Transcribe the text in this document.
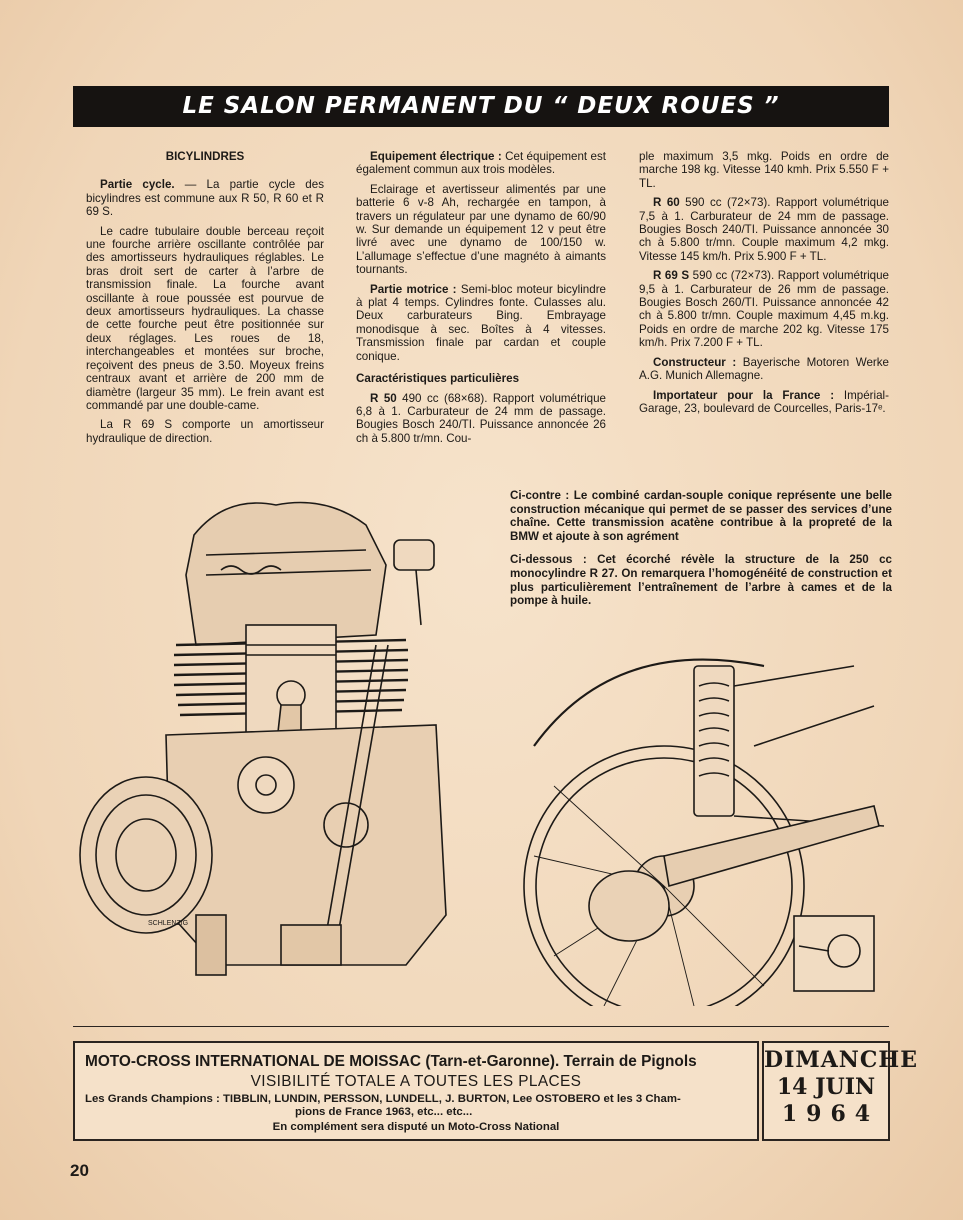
LE SALON PERMANENT DU “ DEUX ROUES ”
BICYLINDRES

Partie cycle. — La partie cycle des bicylindres est commune aux R 50, R 60 et R 69 S.

Le cadre tubulaire double berceau reçoit une fourche arrière oscillante contrôlée par des amortisseurs hydrauliques réglables. Le bras droit sert de carter à l’arbre de transmission finale. La fourche avant oscillante à roue poussée est pourvue de deux amortisseurs hydrauliques. La chasse de cette fourche peut être positionnée sur deux réglages. Les roues de 18, interchangeables et montées sur broche, reçoivent des pneus de 3.50. Moyeux freins centraux avant et arrière de 200 mm de diamètre (largeur 35 mm). Le frein avant est commandé par une double-came.

La R 69 S comporte un amortisseur hydraulique de direction.

Equipement électrique : Cet équipement est également commun aux trois modèles.

Eclairage et avertisseur alimentés par une batterie 6 v-8 Ah, rechargée en tampon, à travers un régulateur par une dynamo de 60/90 w. Sur demande un équipement 12 v peut être livré avec une dynamo de 100/150 w. L’allumage s’effectue d’une magnéto à aimants tournants.

Partie motrice : Semi-bloc moteur bicylindre à plat 4 temps. Cylindres fonte. Culasses alu. Deux carburateurs Bing. Embrayage monodisque à sec. Boîtes à 4 vitesses. Transmission finale par cardan et couple conique.

Caractéristiques particulières

R 50 490 cc (68×68). Rapport volumétrique 6,8 à 1. Carburateur de 24 mm de passage. Bougies Bosch 240/TI. Puissance annoncée 26 ch à 5.800 tr/mn. Cou-

ple maximum 3,5 mkg. Poids en ordre de marche 198 kg. Vitesse 140 kmh. Prix 5.550 F + TL.

R 60 590 cc (72×73). Rapport volumétrique 7,5 à 1. Carburateur de 24 mm de passage. Bougies Bosch 240/TI. Puissance annoncée 30 ch à 5.800 tr/mn. Couple maximum 4,2 mkg. Vitesse 145 km/h. Prix 5.900 F + TL.

R 69 S 590 cc (72×73). Rapport volumétrique 9,5 à 1. Carburateur de 26 mm de passage. Bougies Bosch 260/TI. Puissance annoncée 42 ch à 5.800 tr/mn. Couple maximum 4,45 m.kg. Poids en ordre de marche 202 kg. Vitesse 175 km/h. Prix 7.200 F + TL.

Constructeur : Bayerische Motoren Werke A.G. Munich Allemagne.

Importateur pour la France : Impérial-Garage, 23, boulevard de Courcelles, Paris-17ᵉ.

Ci-contre : Le combiné cardan-souple conique représente une belle construction mécanique qui permet de se passer des services d’une chaîne. Cette transmission acatène contribue à la propreté de la BMW et ajoute à son agrément

Ci-dessous : Cet écorché révèle la structure de la 250 cc monocylindre R 27. On remarquera l’homogénéité de construction et plus particulièrement l’entraînement de l’arbre à cames et de la pompe à huile.

SCHLENZIG
MOTO-CROSS INTERNATIONAL DE MOISSAC (Tarn-et-Garonne). Terrain de Pignols
VISIBILITÉ TOTALE A TOUTES LES PLACES
Les Grands Champions : TIBBLIN, LUNDIN, PERSSON, LUNDELL, J. BURTON, Lee OSTOBERO et les 3 Cham-
pions de France 1963, etc... etc...
En complément sera disputé un Moto-Cross National
DIMANCHE
14 JUIN
1964
20
